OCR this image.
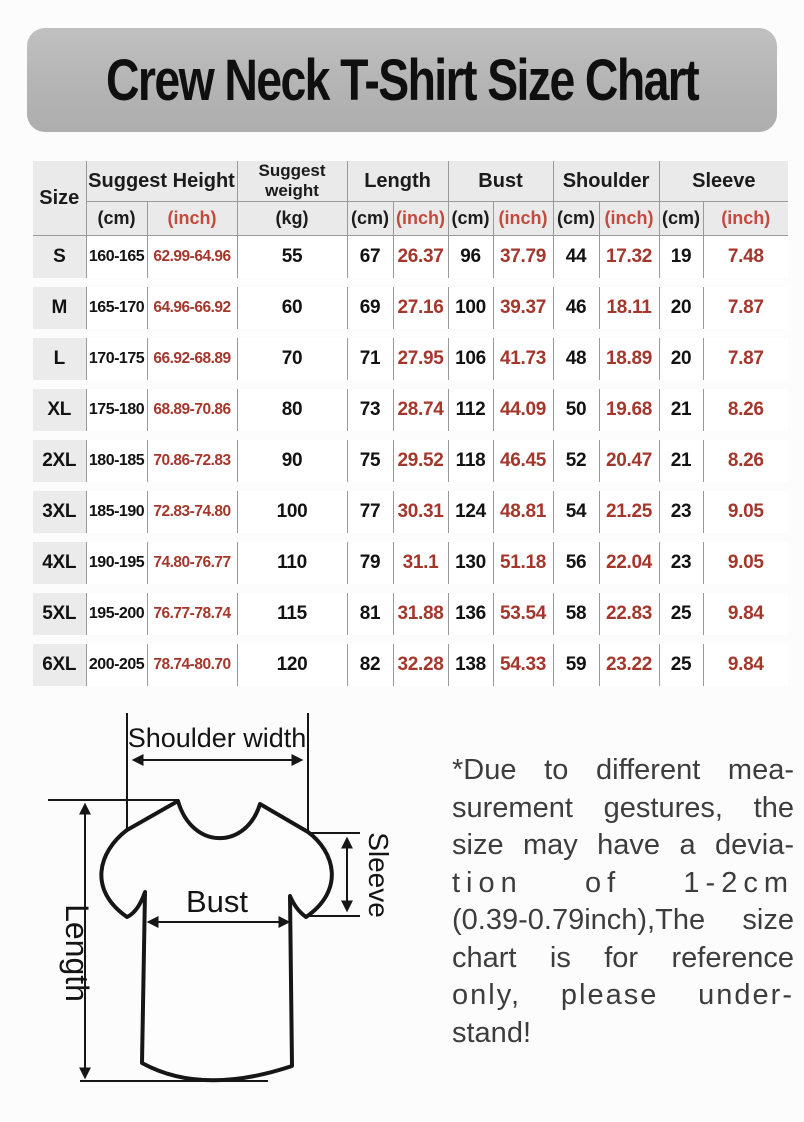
Crew Neck T-Shirt Size Chart
Size	Suggest Height		Suggest weight	Length		Bust		Shoulder		Sleeve	
	(cm)	(inch)	(kg)	(cm)	(inch)	(cm)	(inch)	(cm)	(inch)	(cm)	(inch)
S	160-165	62.99-64.96	55	67	26.37	96	37.79	44	17.32	19	7.48

M	165-170	64.96-66.92	60	69	27.16	100	39.37	46	18.11	20	7.87

L	170-175	66.92-68.89	70	71	27.95	106	41.73	48	18.89	20	7.87

XL	175-180	68.89-70.86	80	73	28.74	112	44.09	50	19.68	21	8.26

2XL	180-185	70.86-72.83	90	75	29.52	118	46.45	52	20.47	21	8.26

3XL	185-190	72.83-74.80	100	77	30.31	124	48.81	54	21.25	23	9.05

4XL	190-195	74.80-76.77	110	79	31.1	130	51.18	56	22.04	23	9.05

5XL	195-200	76.77-78.74	115	81	31.88	136	53.54	58	22.83	25	9.84

6XL	200-205	78.74-80.70	120	82	32.28	138	54.33	59	23.22	25	9.84
Shoulder width
Bust
Length
Sleeve
*Due to different mea-
surement gestures, the
size may have a devia-
tion of 1-2cm
(0.39-0.79inch),The size
chart is for reference
only, please under-
stand!
